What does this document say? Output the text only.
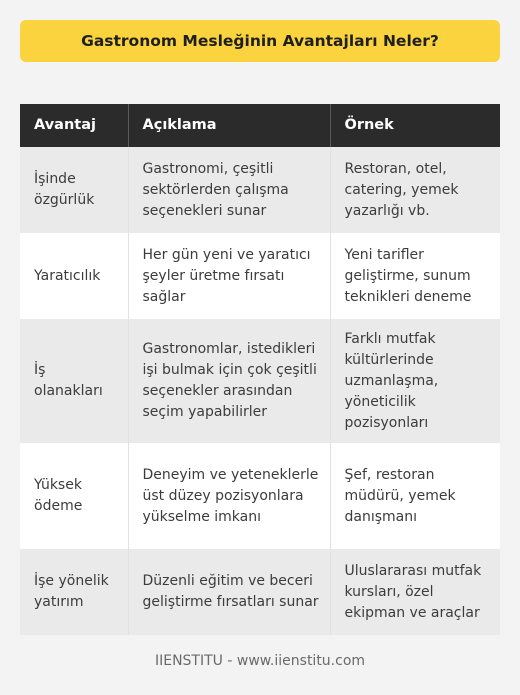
Gastronom Mesleğinin Avantajları Neler?
Avantaj	Açıklama	Örnek
İşinde özgürlük	Gastronomi, çeşitli sektörlerden çalışma seçenekleri sunar	Restoran, otel, catering, yemek yazarlığı vb.
Yaratıcılık	Her gün yeni ve yaratıcı şeyler üretme fırsatı sağlar	Yeni tarifler geliştirme, sunum teknikleri deneme
İş olanakları	Gastronomlar, istedikleri işi bulmak için çok çeşitli seçenekler arasından seçim yapabilirler	Farklı mutfak kültürlerinde uzmanlaşma, yöneticilik pozisyonları
Yüksek ödeme	Deneyim ve yeteneklerle üst düzey pozisyonlara yükselme imkanı	Şef, restoran müdürü, yemek danışmanı
İşe yönelik yatırım	Düzenli eğitim ve beceri geliştirme fırsatları sunar	Uluslararası mutfak kursları, özel ekipman ve araçlar
IIENSTITU - www.iienstitu.com
